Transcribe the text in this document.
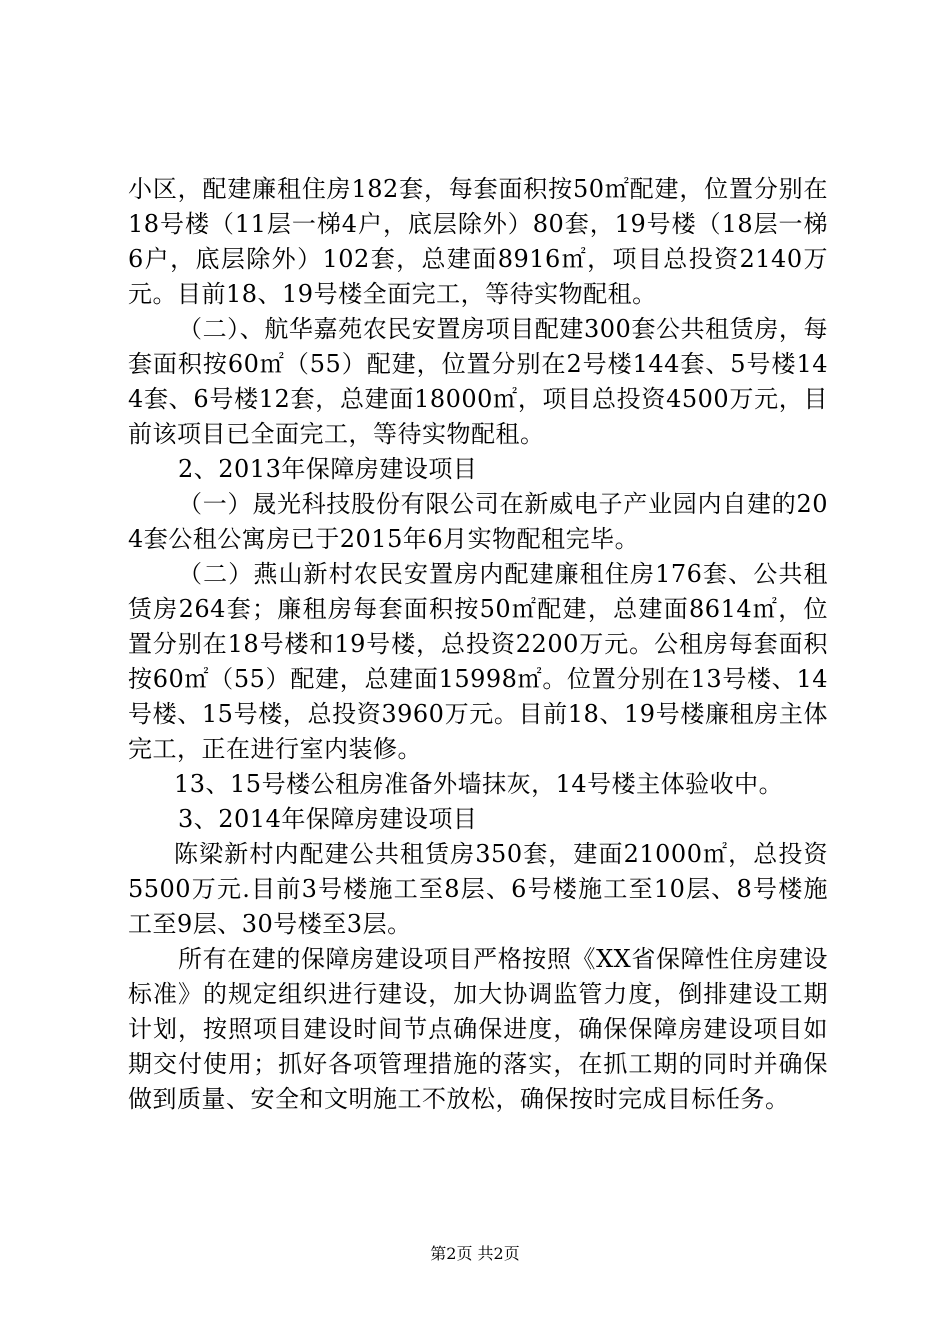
小区，配建廉租住房182套，每套面积按50㎡配建，位置分别在18号楼（11层一梯4户，底层除外）80套，19号楼（18层一梯6户，底层除外）102套，总建面8916㎡，项目总投资2140万元。目前18、19号楼全面完工，等待实物配租。

（二）、航华嘉苑农民安置房项目配建300套公共租赁房，每套面积按60㎡（55）配建，位置分别在2号楼144套、5号楼144套、6号楼12套，总建面18000㎡，项目总投资4500万元，目前该项目已全面完工，等待实物配租。

2、2013年保障房建设项目

（一）晟光科技股份有限公司在新威电子产业园内自建的204套公租公寓房已于2015年6月实物配租完毕。

（二）燕山新村农民安置房内配建廉租住房176套、公共租赁房264套；廉租房每套面积按50㎡配建，总建面8614㎡，位置分别在18号楼和19号楼，总投资2200万元。公租房每套面积按60㎡（55）配建，总建面15998㎡。位置分别在13号楼、14号楼、15号楼，总投资3960万元。目前18、19号楼廉租房主体完工，正在进行室内装修。

13、15号楼公租房准备外墙抹灰，14号楼主体验收中。

3、2014年保障房建设项目

陈梁新村内配建公共租赁房350套，建面21000㎡，总投资5500万元.目前3号楼施工至8层、6号楼施工至10层、8号楼施工至9层、30号楼至3层。

所有在建的保障房建设项目严格按照《XX省保障性住房建设标准》的规定组织进行建设，加大协调监管力度，倒排建设工期计划，按照项目建设时间节点确保进度，确保保障房建设项目如期交付使用；抓好各项管理措施的落实，在抓工期的同时并确保做到质量、安全和文明施工不放松，确保按时完成目标任务。

第2页 共2页
